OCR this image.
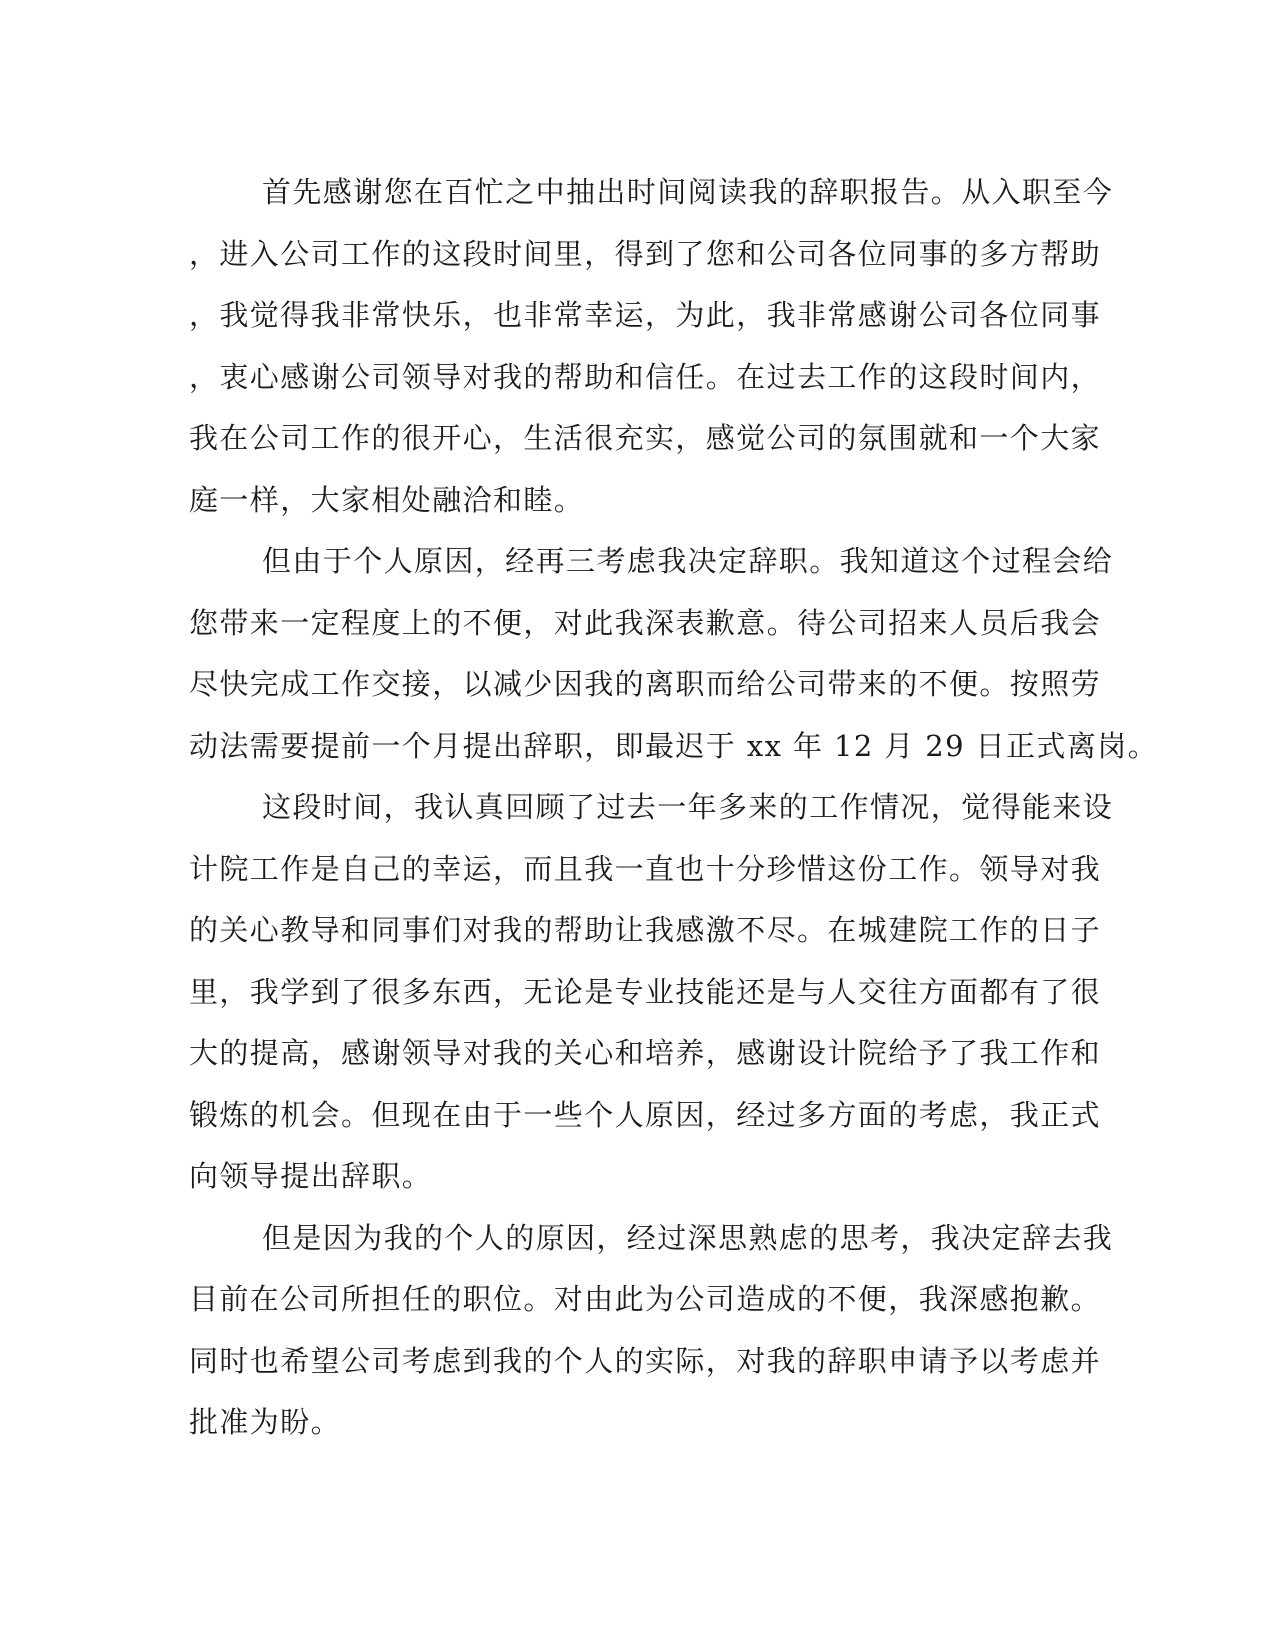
首先感谢您在百忙之中抽出时间阅读我的辞职报告。从入职至今
，进入公司工作的这段时间里，得到了您和公司各位同事的多方帮助
，我觉得我非常快乐，也非常幸运，为此，我非常感谢公司各位同事
，衷心感谢公司领导对我的帮助和信任。在过去工作的这段时间内，
我在公司工作的很开心，生活很充实，感觉公司的氛围就和一个大家
庭一样，大家相处融洽和睦。
但由于个人原因，经再三考虑我决定辞职。我知道这个过程会给
您带来一定程度上的不便，对此我深表歉意。待公司招来人员后我会
尽快完成工作交接，以减少因我的离职而给公司带来的不便。按照劳
动法需要提前一个月提出辞职，即最迟于 xx 年 12 月 29 日正式离岗。
这段时间，我认真回顾了过去一年多来的工作情况，觉得能来设
计院工作是自己的幸运，而且我一直也十分珍惜这份工作。领导对我
的关心教导和同事们对我的帮助让我感激不尽。在城建院工作的日子
里，我学到了很多东西，无论是专业技能还是与人交往方面都有了很
大的提高，感谢领导对我的关心和培养，感谢设计院给予了我工作和
锻炼的机会。但现在由于一些个人原因，经过多方面的考虑，我正式
向领导提出辞职。
但是因为我的个人的原因，经过深思熟虑的思考，我决定辞去我
目前在公司所担任的职位。对由此为公司造成的不便，我深感抱歉。
同时也希望公司考虑到我的个人的实际，对我的辞职申请予以考虑并
批准为盼。
